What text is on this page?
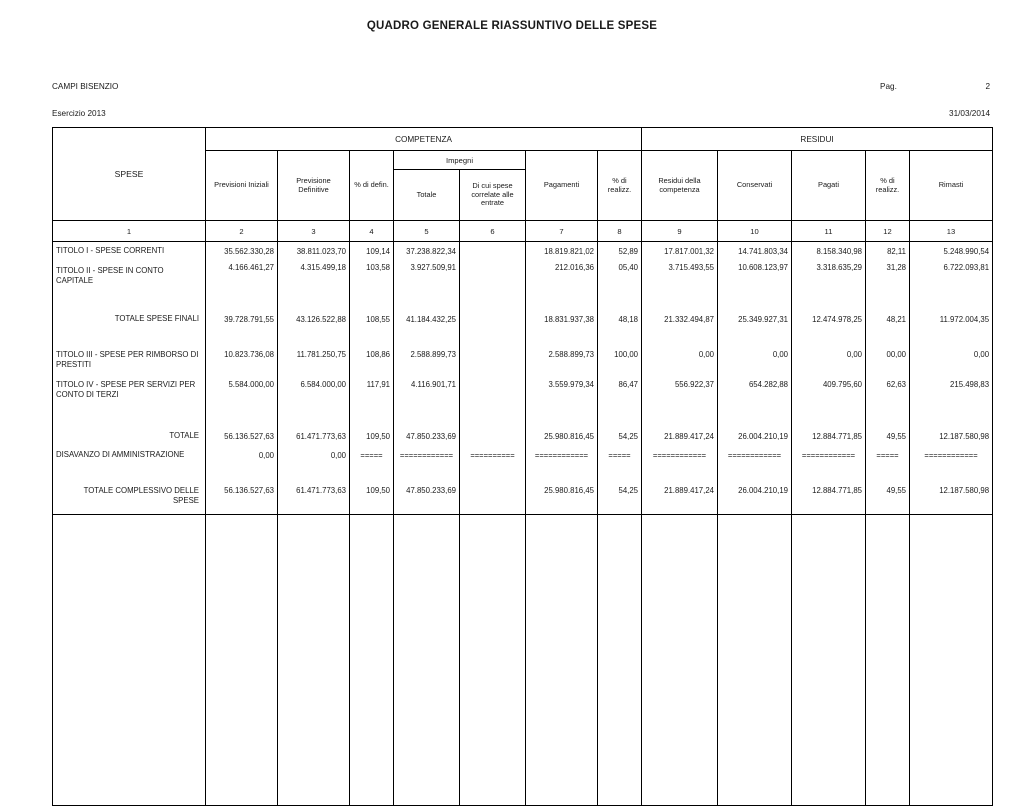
QUADRO GENERALE RIASSUNTIVO DELLE SPESE
CAMPI BISENZIO
Esercizio 2013
Pag.	2
31/03/2014
SPESE	COMPETENZA							RESIDUI				
	Previsioni Iniziali	Previsione Definitive	% di defin.	Impegni		Pagamenti	% di realizz.	Residui della competenza	Conservati	Pagati	% di realizz.	Rimasti
				Totale	Di cui spese correlate alle entrate							
1	2	3	4	5	6	7	8	9	10	11	12	13
TITOLO I - SPESE CORRENTI	35.562.330,28	38.811.023,70	109,14	37.238.822,34		18.819.821,02	52,89	17.817.001,32	14.741.803,34	8.158.340,98	82,11	5.248.990,54
TITOLO II - SPESE IN CONTO CAPITALE	4.166.461,27	4.315.499,18	103,58	3.927.509,91		212.016,36	05,40	3.715.493,55	10.608.123,97	3.318.635,29	31,28	6.722.093,81

TOTALE SPESE FINALI	39.728.791,55	43.126.522,88	108,55	41.184.432,25		18.831.937,38	48,18	21.332.494,87	25.349.927,31	12.474.978,25	48,21	11.972.004,35

TITOLO III - SPESE PER RIMBORSO DI PRESTITI	10.823.736,08	11.781.250,75	108,86	2.588.899,73		2.588.899,73	100,00	0,00	0,00	0,00	00,00	0,00
TITOLO IV - SPESE PER SERVIZI PER CONTO DI TERZI	5.584.000,00	6.584.000,00	117,91	4.116.901,71		3.559.979,34	86,47	556.922,37	654.282,88	409.795,60	62,63	215.498,83

TOTALE	56.136.527,63	61.471.773,63	109,50	47.850.233,69		25.980.816,45	54,25	21.889.417,24	26.004.210,19	12.884.771,85	49,55	12.187.580,98
DISAVANZO DI AMMINISTRAZIONE	0,00	0,00	=====	============	==========	============	=====	============	============	============	=====	============

TOTALE COMPLESSIVO DELLE SPESE	56.136.527,63	61.471.773,63	109,50	47.850.233,69		25.980.816,45	54,25	21.889.417,24	26.004.210,19	12.884.771,85	49,55	12.187.580,98
